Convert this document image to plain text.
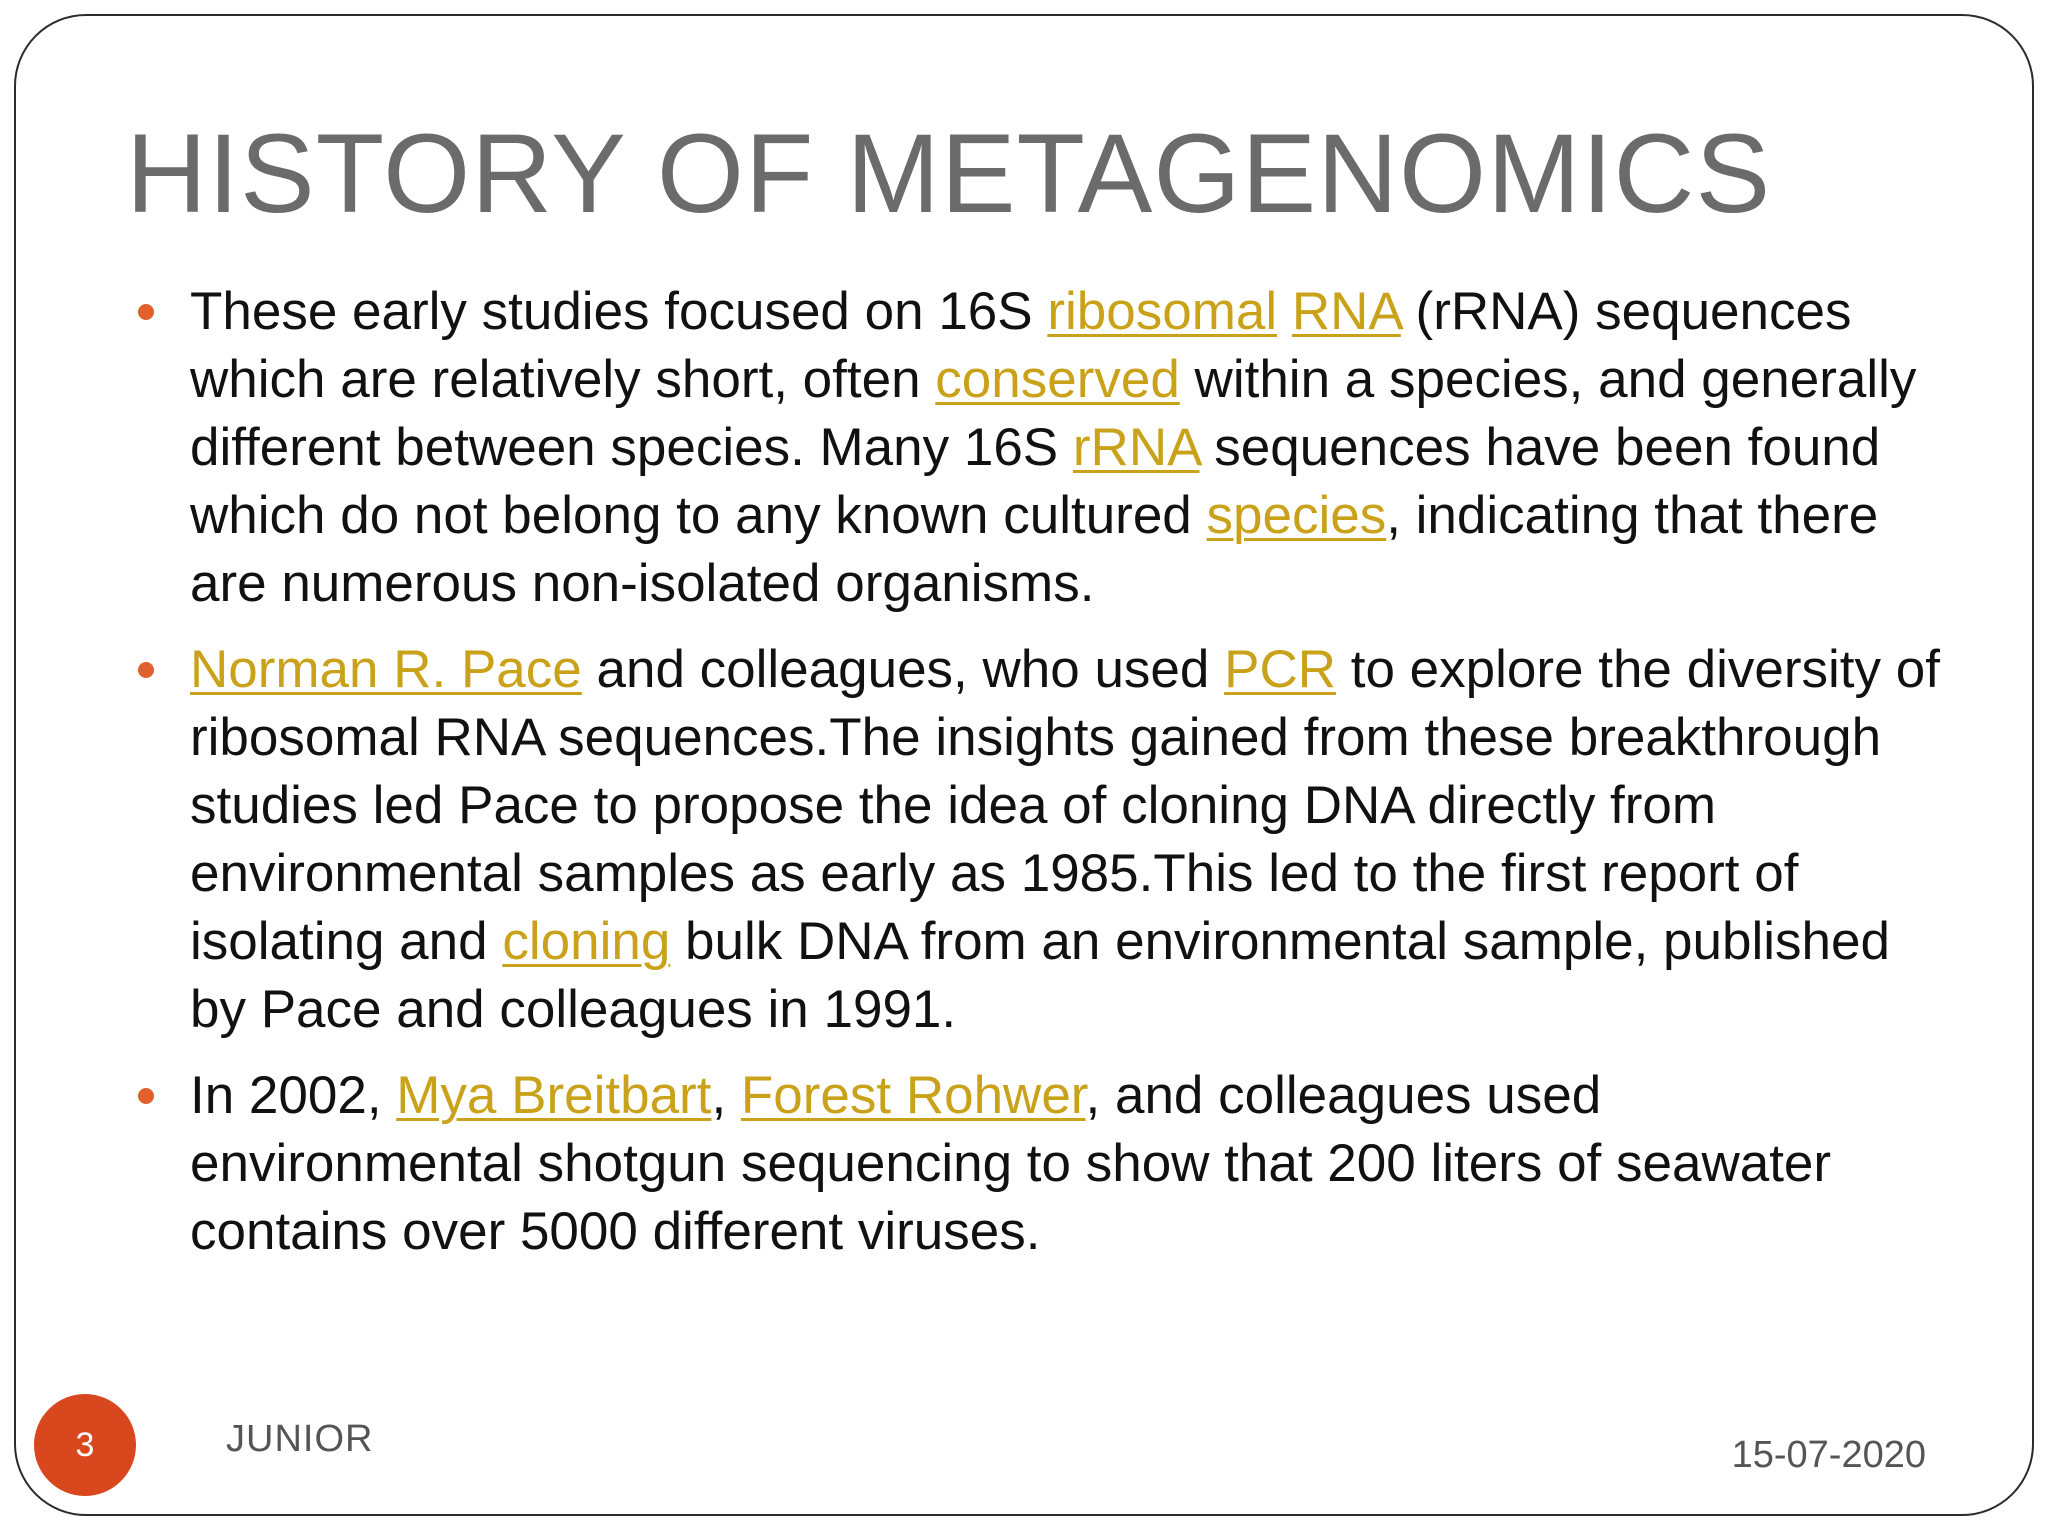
HISTORY OF METAGENOMICS
These early studies focused on 16S ribosomal RNA (rRNA) sequences which are relatively short, often conserved within a species, and generally different between species. Many 16S rRNA sequences have been found which do not belong to any known cultured species, indicating that there are numerous non-isolated organisms.
Norman R. Pace and colleagues, who used PCR to explore the diversity of ribosomal RNA sequences.The insights gained from these breakthrough studies led Pace to propose the idea of cloning DNA directly from environmental samples as early as 1985.This led to the first report of isolating and cloning bulk DNA from an environmental sample, published by Pace and colleagues in 1991.
In 2002, Mya Breitbart, Forest Rohwer, and colleagues used environmental shotgun sequencing to show that 200 liters of seawater contains over 5000 different viruses.
3	JUNIOR	15-07-2020
